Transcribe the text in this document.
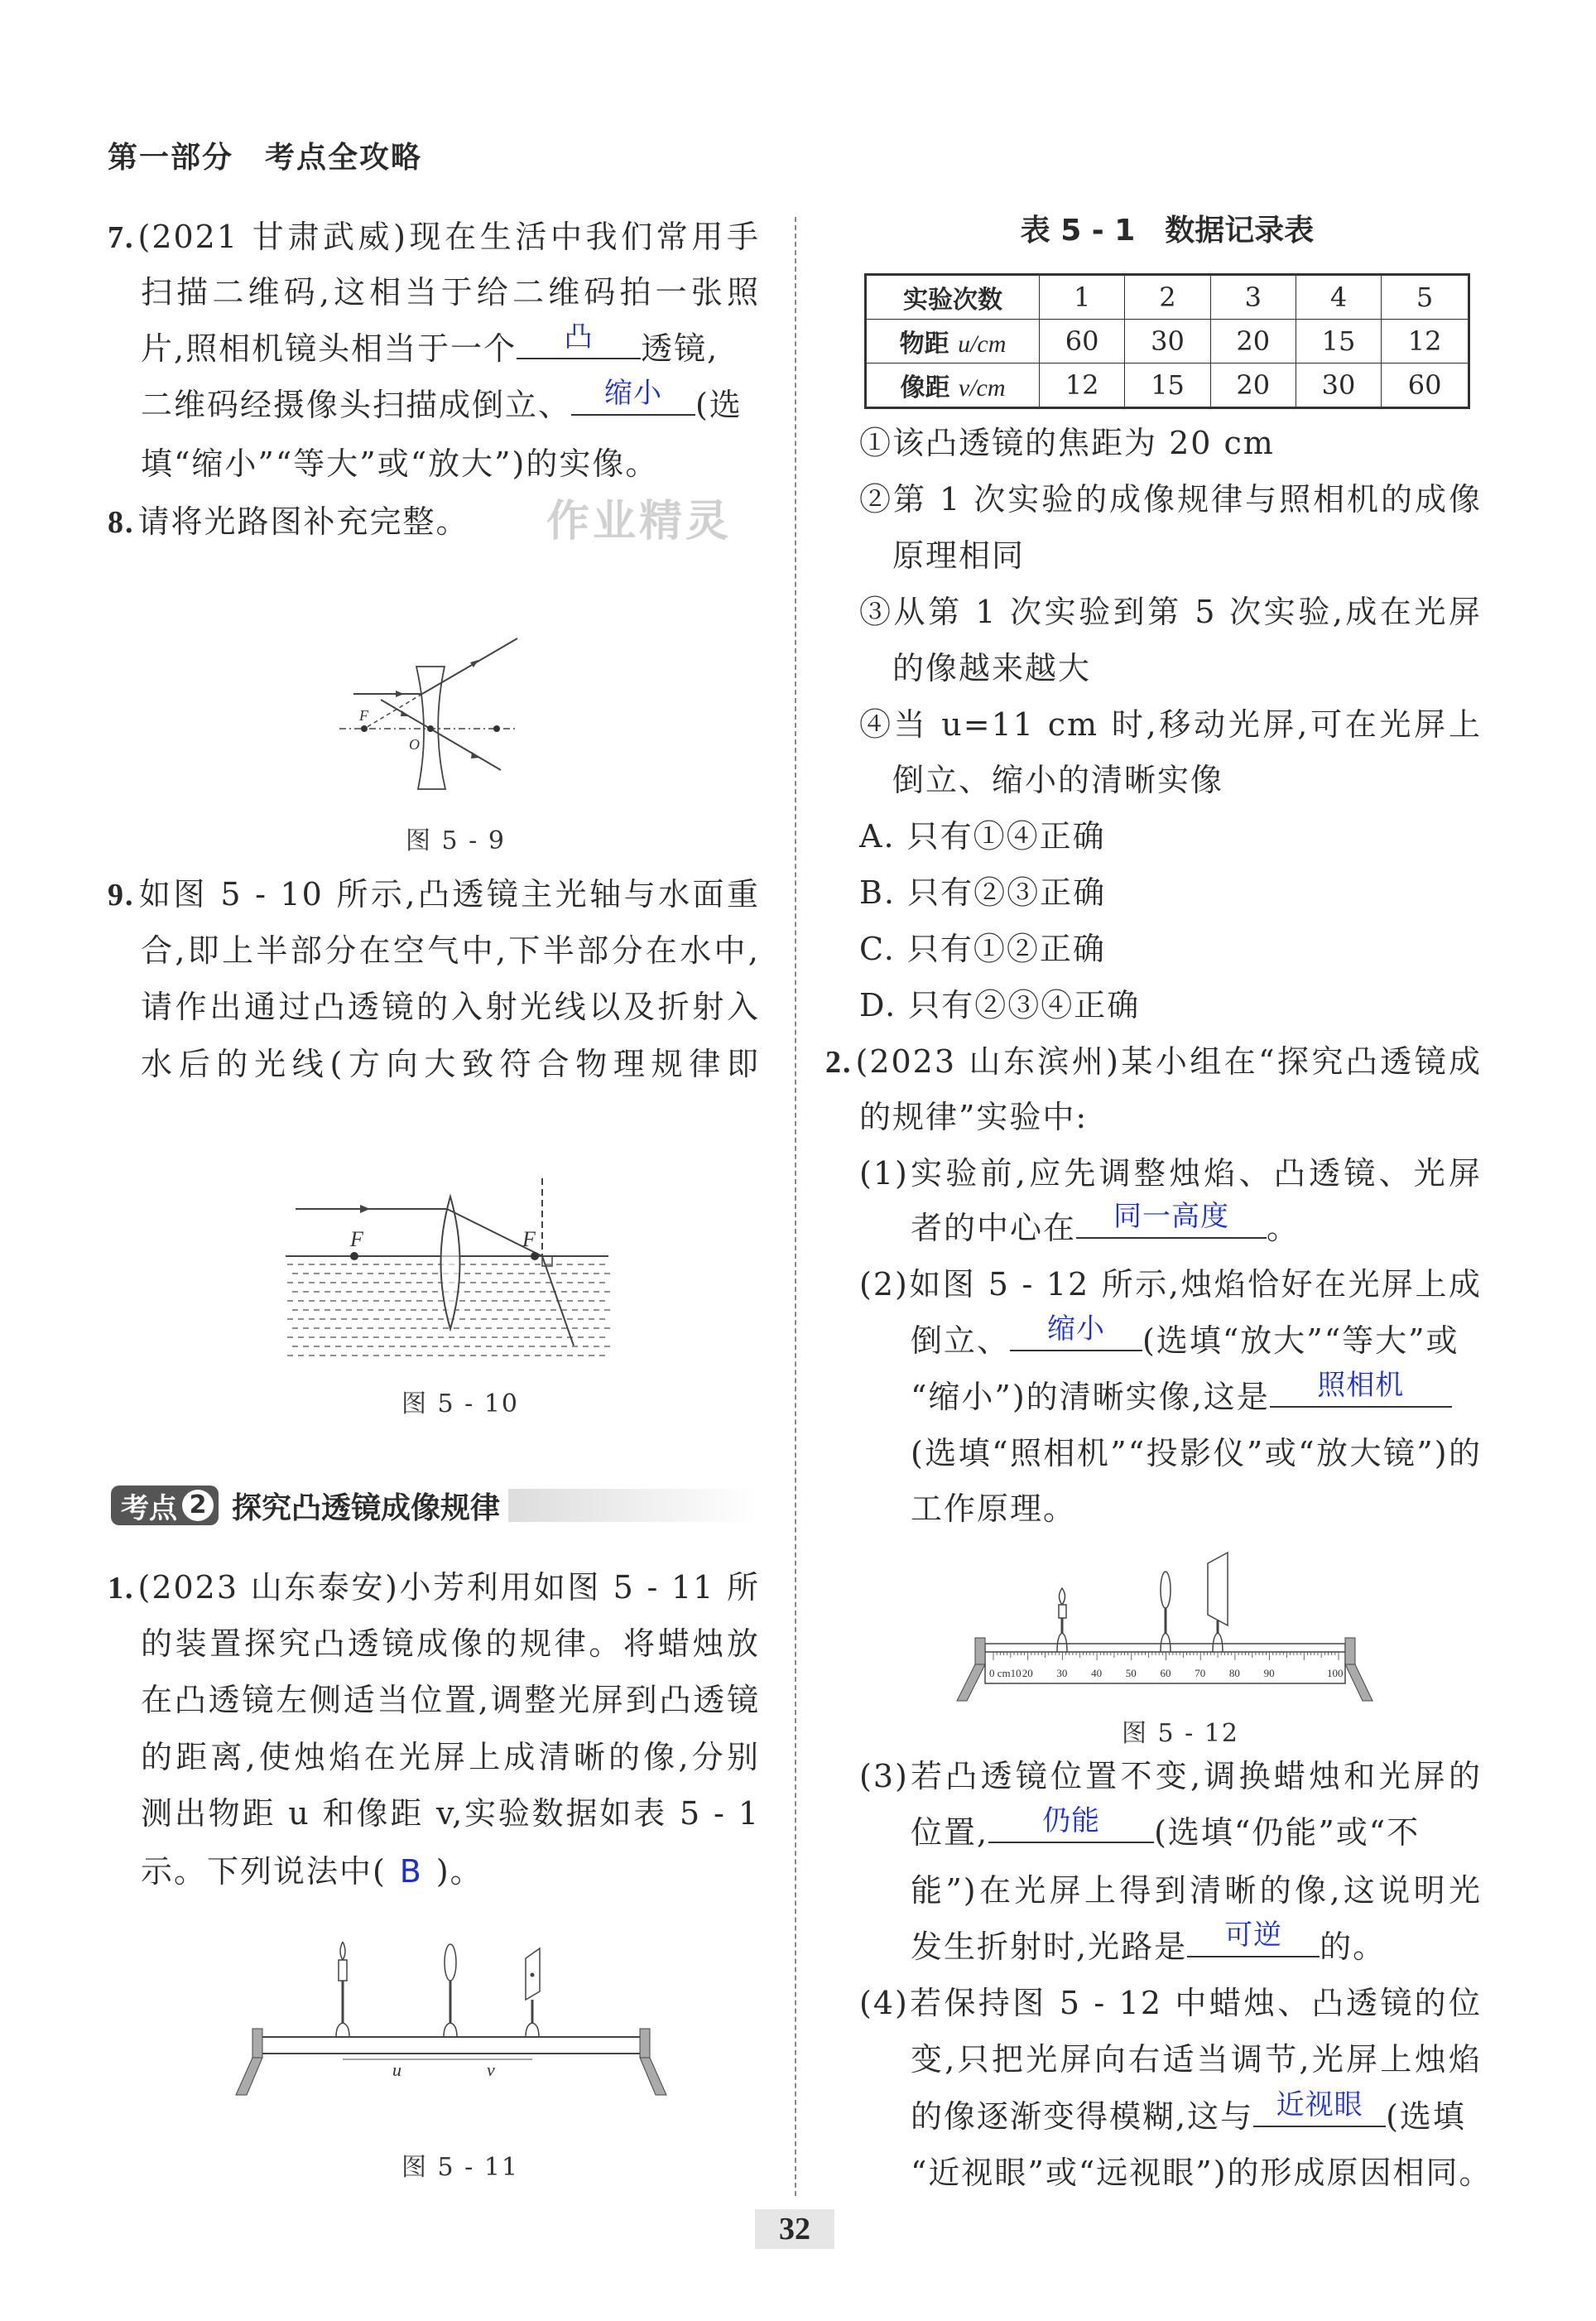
第一部分　考点全攻略
作业精灵
7. (2021 甘肃武威)现在生活中我们常用手
扫描二维码,这相当于给二维码拍一张照
片,照相机镜头相当于一个	凸	透镜,
二维码经摄像头扫描成倒立、	缩小	(选
填“缩小”“等大”或“放大”)的实像。
8. 请将光路图补充完整。
F
O
图 5 - 9
9. 如图 5 - 10 所示,凸透镜主光轴与水面重
合,即上半部分在空气中,下半部分在水中,
请作出通过凸透镜的入射光线以及折射入
水后的光线(方向大致符合物理规律即
F	F
图 5 - 10
考点 2 探究凸透镜成像规律
1. (2023 山东泰安)小芳利用如图 5 - 11 所
的装置探究凸透镜成像的规律。将蜡烛放
在凸透镜左侧适当位置,调整光屏到凸透镜
的距离,使烛焰在光屏上成清晰的像,分别
测出物距 u 和像距 v,实验数据如表 5 - 1
示。下列说法中( B )。
u	v
图 5 - 11
表 5 - 1　数据记录表
实验次数	1	2	3	4	5
物距 u/cm	60	30	20	15	12
像距 v/cm	12	15	20	30	60
①该凸透镜的焦距为 20 cm
②第 1 次实验的成像规律与照相机的成像
原理相同
③从第 1 次实验到第 5 次实验,成在光屏
的像越来越大
④当 u=11 cm 时,移动光屏,可在光屏上
倒立、缩小的清晰实像
A. 只有①④正确
B. 只有②③正确
C. 只有①②正确
D. 只有②③④正确
2. (2023 山东滨州)某小组在“探究凸透镜成
的规律”实验中:
(1)实验前,应先调整烛焰、凸透镜、光屏
者的中心在	同一高度	。
(2)如图 5 - 12 所示,烛焰恰好在光屏上成
倒立、	缩小	(选填“放大”“等大”或
“缩小”)的清晰实像,这是	照相机
(选填“照相机”“投影仪”或“放大镜”)的
工作原理。
0 cm10 20 30 40 50 60 70 80 90	100
图 5 - 12
(3)若凸透镜位置不变,调换蜡烛和光屏的
位置,	仍能	(选填“仍能”或“不
能”)在光屏上得到清晰的像,这说明光
发生折射时,光路是	可逆	的。
(4)若保持图 5 - 12 中蜡烛、凸透镜的位
变,只把光屏向右适当调节,光屏上烛焰
的像逐渐变得模糊,这与 近视眼 (选填
“近视眼”或“远视眼”)的形成原因相同。
32
